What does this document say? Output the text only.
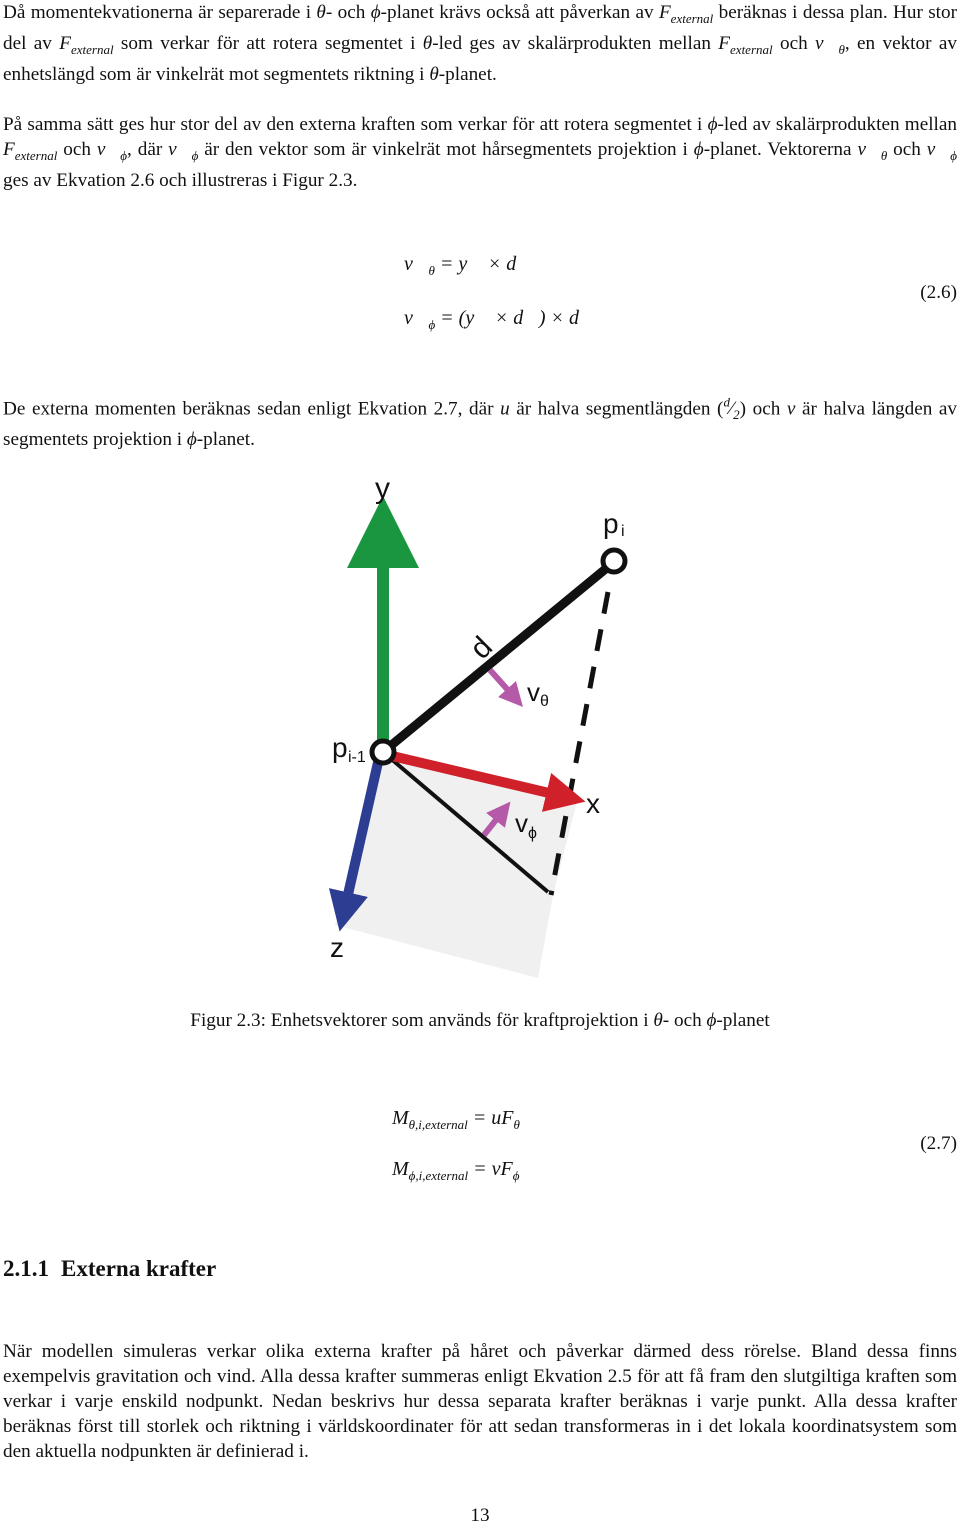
Då momentekvationerna är separerade i θ- och ϕ-planet krävs också att påverkan av $F_{external}$ beräknas i dessa plan. Hur stor del av $F_{external}$ som verkar för att rotera segmentet i θ-led ges av skalärprodukten mellan $F_{external}$ och $v⃗_\theta$, en vektor av enhetslängd som är vinkelrät mot segmentets riktning i θ-planet.

På samma sätt ges hur stor del av den externa kraften som verkar för att rotera segmentet i ϕ-led av skalärprodukten mellan $F_{external}$ och $v⃗_\phi$, där $v⃗_\phi$ är den vektor som är vinkelrät mot hårsegmentets projektion i ϕ-planet. Vektorerna $v⃗_\theta$ och $v⃗_\phi$ ges av Ekvation 2.6 och illustreras i Figur 2.3.

$v⃗_\theta$ = y⃗ × d⃗
$v⃗_\phi$ = (y⃗ × d⃗) × d⃗
(2.6)

De externa momenten beräknas sedan enligt Ekvation 2.7, där u är halva segmentlängden $(^d⁄_2)$ och v är halva längden av segmentets projektion i ϕ-planet.

y
p i
d
v θ
p i-1
x
v ϕ
z
Figur 2.3: Enhetsvektorer som används för kraftprojektion i θ- och ϕ-planet
$M_{\theta,i,external} = uF_\theta$
$M_{\phi,i,external} = vF_\phi$
(2.7)
2.1.1 Externa krafter

När modellen simuleras verkar olika externa krafter på håret och påverkar därmed dess rörelse. Bland dessa finns exempelvis gravitation och vind. Alla dessa krafter summeras enligt Ekvation 2.5 för att få fram den slutgiltiga kraften som verkar i varje enskild nodpunkt. Nedan beskrivs hur dessa separata krafter beräknas i varje punkt. Alla dessa krafter beräknas först till storlek och riktning i världskoordinater för att sedan transformeras in i det lokala koordinatsystem som den aktuella nodpunkten är definierad i.

13
